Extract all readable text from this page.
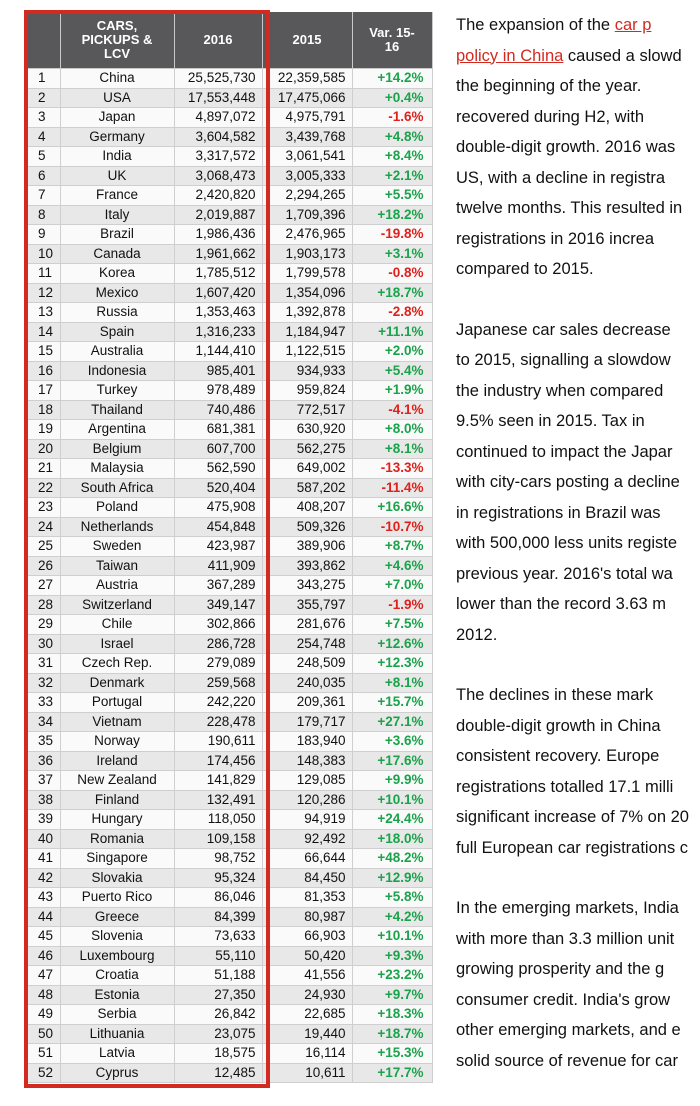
	CARS, PICKUPS & LCV	2016	2015	Var. 15-16
1	China	25,525,730	22,359,585	+14.2%
2	USA	17,553,448	17,475,066	+0.4%
3	Japan	4,897,072	4,975,791	-1.6%
4	Germany	3,604,582	3,439,768	+4.8%
5	India	3,317,572	3,061,541	+8.4%
6	UK	3,068,473	3,005,333	+2.1%
7	France	2,420,820	2,294,265	+5.5%
8	Italy	2,019,887	1,709,396	+18.2%
9	Brazil	1,986,436	2,476,965	-19.8%
10	Canada	1,961,662	1,903,173	+3.1%
11	Korea	1,785,512	1,799,578	-0.8%
12	Mexico	1,607,420	1,354,096	+18.7%
13	Russia	1,353,463	1,392,878	-2.8%
14	Spain	1,316,233	1,184,947	+11.1%
15	Australia	1,144,410	1,122,515	+2.0%
16	Indonesia	985,401	934,933	+5.4%
17	Turkey	978,489	959,824	+1.9%
18	Thailand	740,486	772,517	-4.1%
19	Argentina	681,381	630,920	+8.0%
20	Belgium	607,700	562,275	+8.1%
21	Malaysia	562,590	649,002	-13.3%
22	South Africa	520,404	587,202	-11.4%
23	Poland	475,908	408,207	+16.6%
24	Netherlands	454,848	509,326	-10.7%
25	Sweden	423,987	389,906	+8.7%
26	Taiwan	411,909	393,862	+4.6%
27	Austria	367,289	343,275	+7.0%
28	Switzerland	349,147	355,797	-1.9%
29	Chile	302,866	281,676	+7.5%
30	Israel	286,728	254,748	+12.6%
31	Czech Rep.	279,089	248,509	+12.3%
32	Denmark	259,568	240,035	+8.1%
33	Portugal	242,220	209,361	+15.7%
34	Vietnam	228,478	179,717	+27.1%
35	Norway	190,611	183,940	+3.6%
36	Ireland	174,456	148,383	+17.6%
37	New Zealand	141,829	129,085	+9.9%
38	Finland	132,491	120,286	+10.1%
39	Hungary	118,050	94,919	+24.4%
40	Romania	109,158	92,492	+18.0%
41	Singapore	98,752	66,644	+48.2%
42	Slovakia	95,324	84,450	+12.9%
43	Puerto Rico	86,046	81,353	+5.8%
44	Greece	84,399	80,987	+4.2%
45	Slovenia	73,633	66,903	+10.1%
46	Luxembourg	55,110	50,420	+9.3%
47	Croatia	51,188	41,556	+23.2%
48	Estonia	27,350	24,930	+9.7%
49	Serbia	26,842	22,685	+18.3%
50	Lithuania	23,075	19,440	+18.7%
51	Latvia	18,575	16,114	+15.3%
52	Cyprus	12,485	10,611	+17.7%

The expansion of the car p
policy in China caused a slowd
the beginning of the year.
recovered during H2, with
double-digit growth. 2016 was
US, with a decline in registra
twelve months. This resulted in
registrations in 2016 increa
compared to 2015.

Japanese car sales decrease
to 2015, signalling a slowdow
the industry when compared
9.5% seen in 2015. Tax in
continued to impact the Japar
with city-cars posting a decline
in registrations in Brazil was
with 500,000 less units registe
previous year. 2016's total wa
lower than the record 3.63 m
2012.

The declines in these mark
double-digit growth in China
consistent recovery. Europe
registrations totalled 17.1 milli
significant increase of 7% on 20
full European car registrations c

In the emerging markets, India
with more than 3.3 million unit
growing prosperity and the g
consumer credit. India's grow
other emerging markets, and e
solid source of revenue for car
